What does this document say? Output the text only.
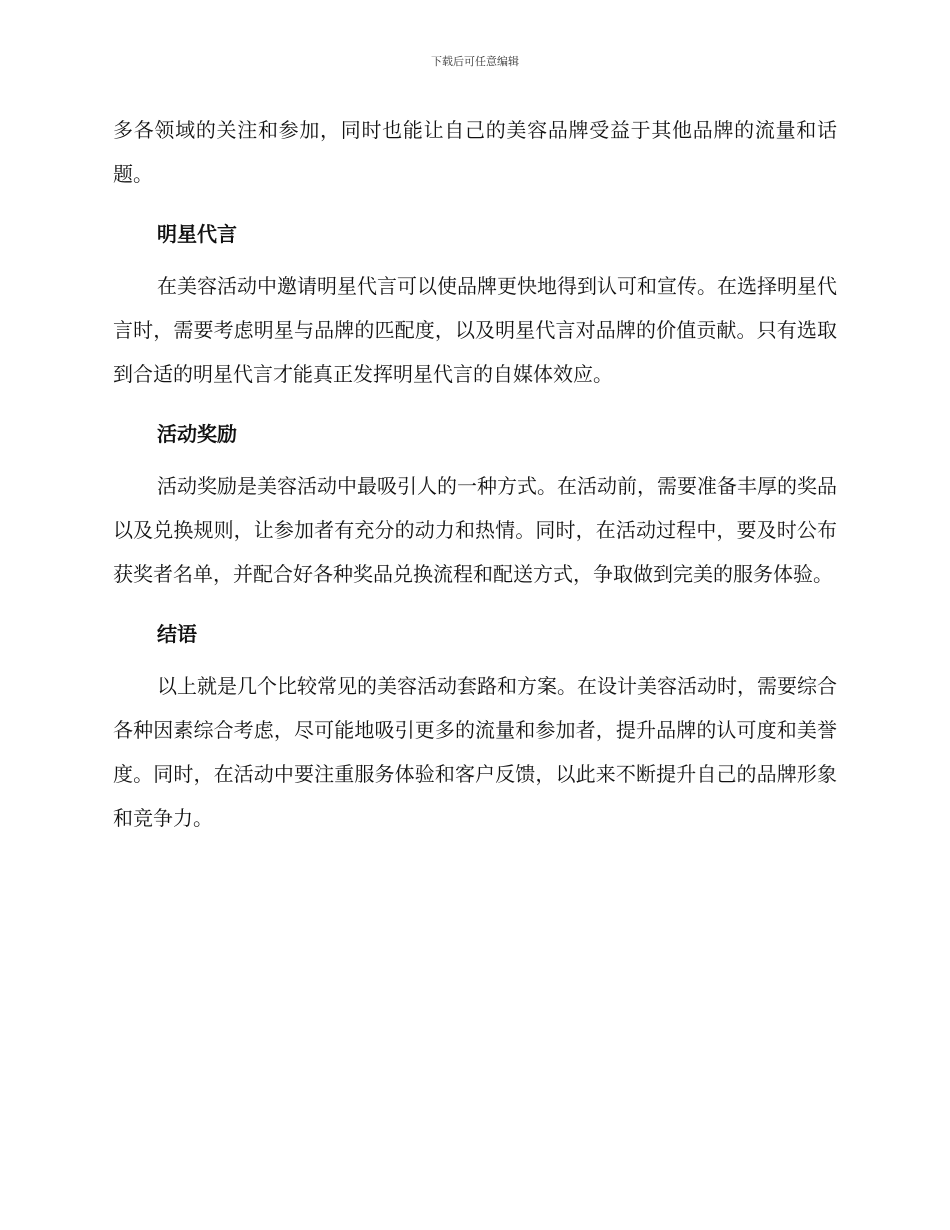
下载后可任意编辑

多各领域的关注和参加，同时也能让自己的美容品牌受益于其他品牌的流量和话题。

明星代言

在美容活动中邀请明星代言可以使品牌更快地得到认可和宣传。在选择明星代言时，需要考虑明星与品牌的匹配度，以及明星代言对品牌的价值贡献。只有选取到合适的明星代言才能真正发挥明星代言的自媒体效应。

活动奖励

活动奖励是美容活动中最吸引人的一种方式。在活动前，需要准备丰厚的奖品以及兑换规则，让参加者有充分的动力和热情。同时，在活动过程中，要及时公布获奖者名单，并配合好各种奖品兑换流程和配送方式，争取做到完美的服务体验。

结语

以上就是几个比较常见的美容活动套路和方案。在设计美容活动时，需要综合各种因素综合考虑，尽可能地吸引更多的流量和参加者，提升品牌的认可度和美誉度。同时，在活动中要注重服务体验和客户反馈，以此来不断提升自己的品牌形象和竞争力。
